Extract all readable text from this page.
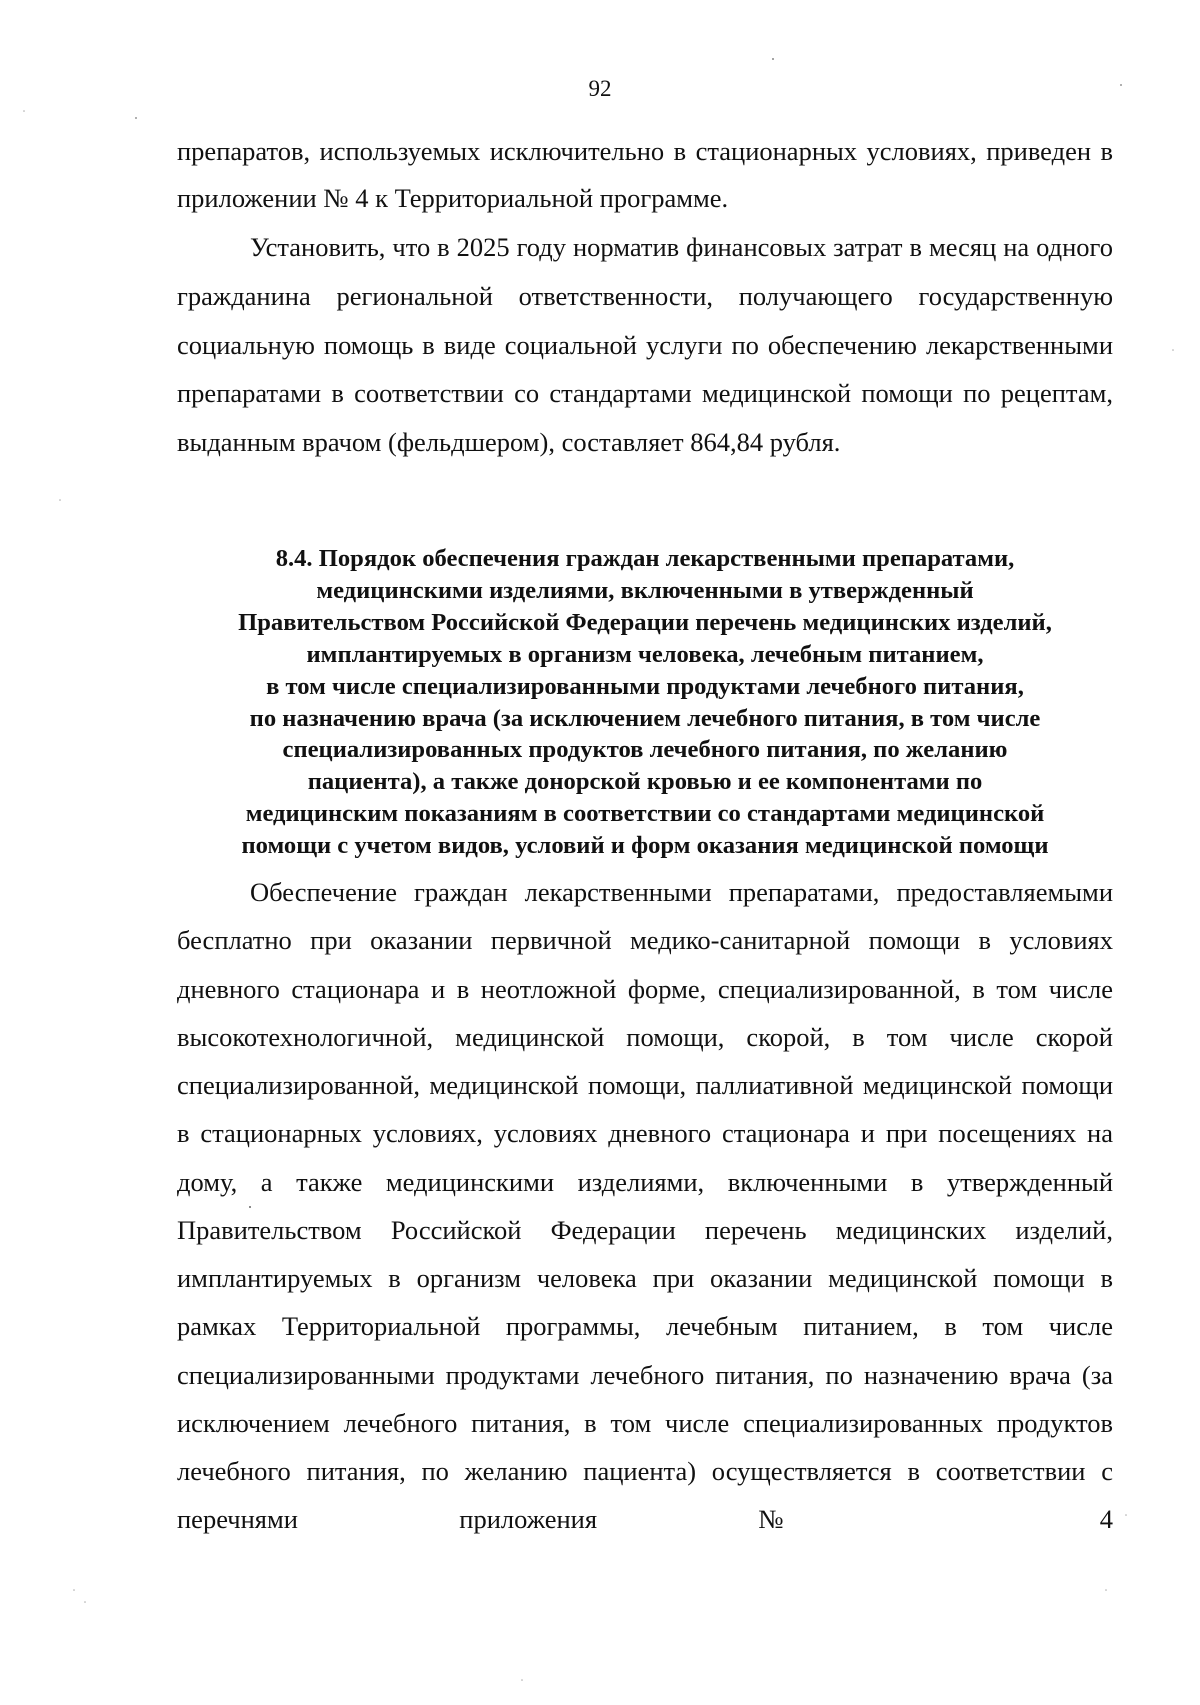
92

препаратов, используемых исключительно в стационарных условиях, приведен в приложении № 4 к Территориальной программе.

Установить, что в 2025 году норматив финансовых затрат в месяц на одного гражданина региональной ответственности, получающего государственную социальную помощь в виде социальной услуги по обеспечению лекарственными препаратами в соответствии со стандартами медицинской помощи по рецептам, выданным врачом (фельдшером), составляет 864,84 рубля.

8.4. Порядок обеспечения граждан лекарственными препаратами,
медицинскими изделиями, включенными в утвержденный
Правительством Российской Федерации перечень медицинских изделий,
имплантируемых в организм человека, лечебным питанием,
в том числе специализированными продуктами лечебного питания,
по назначению врача (за исключением лечебного питания, в том числе
специализированных продуктов лечебного питания, по желанию
пациента), а также донорской кровью и ее компонентами по
медицинским показаниям в соответствии со стандартами медицинской
помощи с учетом видов, условий и форм оказания медицинской помощи

Обеспечение граждан лекарственными препаратами, предоставляемыми бесплатно при оказании первичной медико-санитарной помощи в условиях дневного стационара и в неотложной форме, специализированной, в том числе высокотехнологичной, медицинской помощи, скорой, в том числе скорой специализированной, медицинской помощи, паллиативной медицинской помощи в стационарных условиях, условиях дневного стационара и при посещениях на дому, а также медицинскими изделиями, включенными в утвержденный Правительством Российской Федерации перечень медицинских изделий, имплантируемых в организм человека при оказании медицинской помощи в рамках Территориальной программы, лечебным питанием, в том числе специализированными продуктами лечебного питания, по назначению врача (за исключением лечебного питания, в том числе специализированных продуктов лечебного питания, по желанию пациента) осуществляется в соответствии с перечнями приложения № 4
